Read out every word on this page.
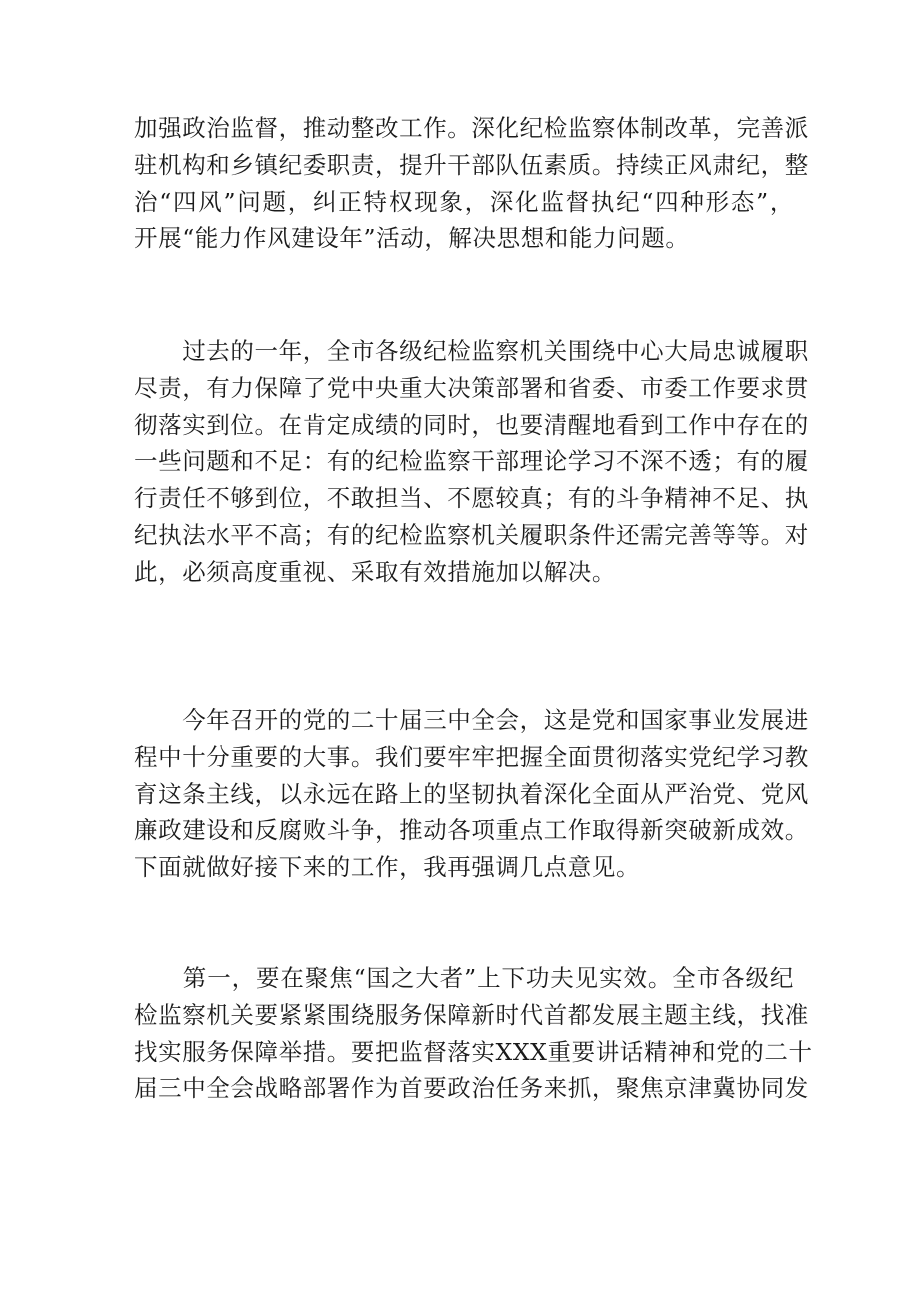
加强政治监督，推动整改工作。深化纪检监察体制改革，完善派
驻机构和乡镇纪委职责，提升干部队伍素质。持续正风肃纪，整
治“四风”问题，纠正特权现象，深化监督执纪“四种形态”，
开展“能力作风建设年”活动，解决思想和能力问题。

　　过去的一年，全市各级纪检监察机关围绕中心大局忠诚履职
尽责，有力保障了党中央重大决策部署和省委、市委工作要求贯
彻落实到位。在肯定成绩的同时，也要清醒地看到工作中存在的
一些问题和不足：有的纪检监察干部理论学习不深不透；有的履
行责任不够到位，不敢担当、不愿较真；有的斗争精神不足、执
纪执法水平不高；有的纪检监察机关履职条件还需完善等等。对
此，必须高度重视、采取有效措施加以解决。

　　今年召开的党的二十届三中全会，这是党和国家事业发展进
程中十分重要的大事。我们要牢牢把握全面贯彻落实党纪学习教
育这条主线，以永远在路上的坚韧执着深化全面从严治党、党风
廉政建设和反腐败斗争，推动各项重点工作取得新突破新成效。
下面就做好接下来的工作，我再强调几点意见。

　　第一，要在聚焦“国之大者”上下功夫见实效。全市各级纪
检监察机关要紧紧围绕服务保障新时代首都发展主题主线，找准
找实服务保障举措。要把监督落实XXX重要讲话精神和党的二十
届三中全会战略部署作为首要政治任务来抓，聚焦京津冀协同发
